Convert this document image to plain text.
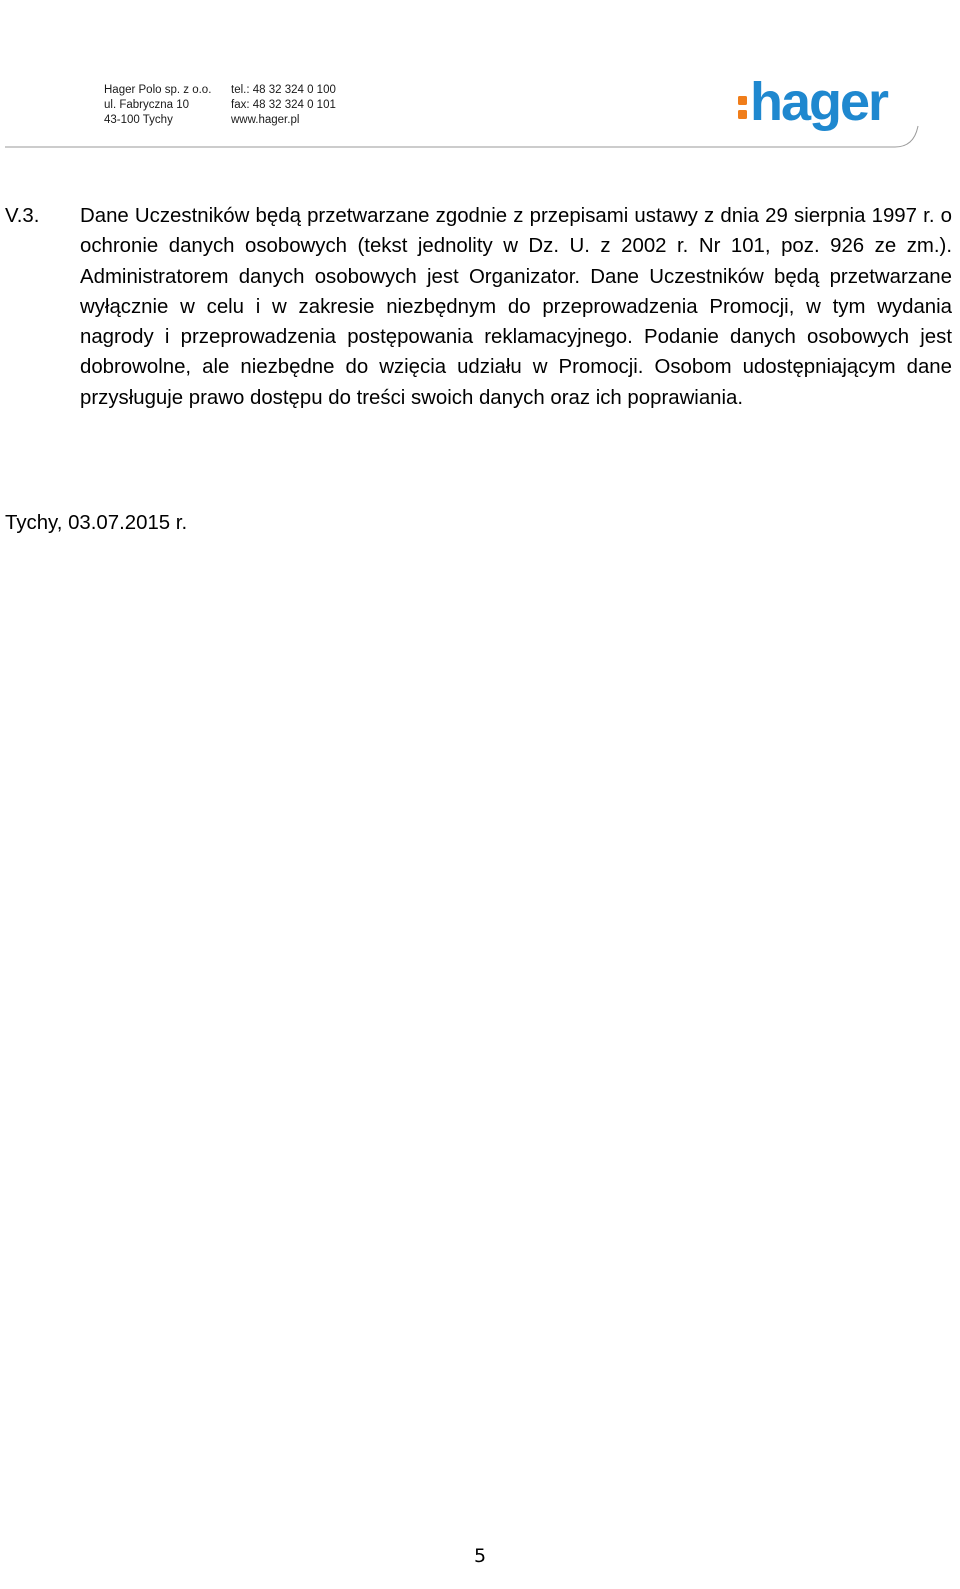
Hager Polo sp. z o.o.
ul. Fabryczna 10
43-100 Tychy
tel.: 48 32 324 0 100
fax: 48 32 324 0 101
www.hager.pl	hager
V.3. Dane Uczestników będą przetwarzane zgodnie z przepisami ustawy z dnia 29 sierpnia 1997 r. o ochronie danych osobowych (tekst jednolity w Dz. U. z 2002 r. Nr 101, poz. 926 ze zm.). Administratorem danych osobowych jest Organizator. Dane Uczestników będą przetwarzane wyłącznie w celu i w zakresie niezbędnym do przeprowadzenia Promocji, w tym wydania nagrody i przeprowadzenia postępowania reklamacyjnego. Podanie danych osobowych jest dobrowolne, ale niezbędne do wzięcia udziału w Promocji. Osobom udostępniającym dane przysługuje prawo dostępu do treści swoich danych oraz ich poprawiania.
Tychy, 03.07.2015 r.
5
